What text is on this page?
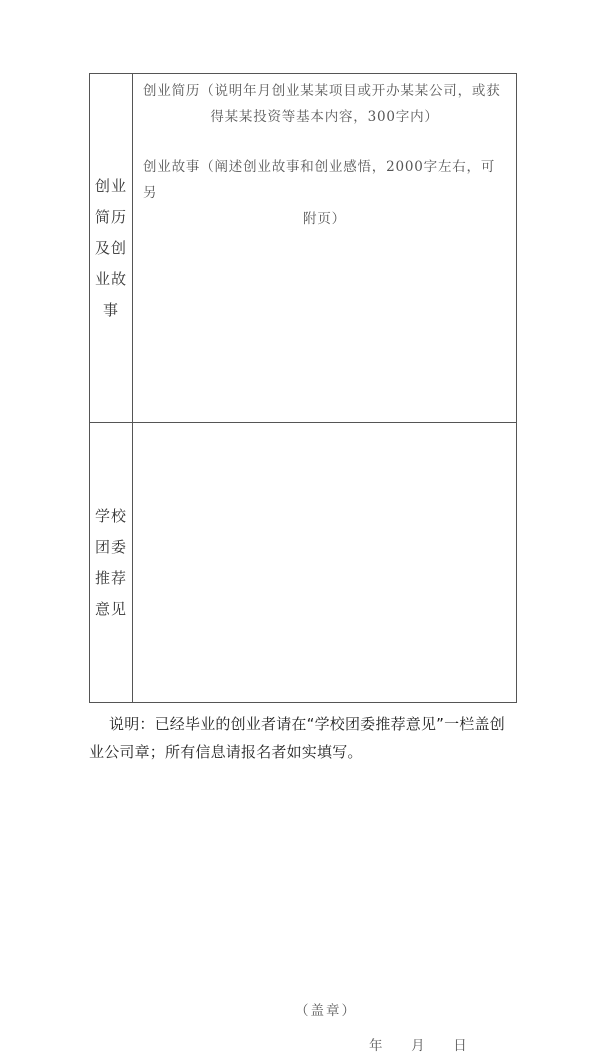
创业简历及创业故事	创业简历（说明年月创业某某项目或开办某某公司，或获
得某某投资等基本内容，300字内）

创业故事（阐述创业故事和创业感悟，2000字左右，可另
附页）

学校团委推荐意见	（盖章）
年 月 日
说明：已经毕业的创业者请在“学校团委推荐意见”一栏盖创
业公司章；所有信息请报名者如实填写。
